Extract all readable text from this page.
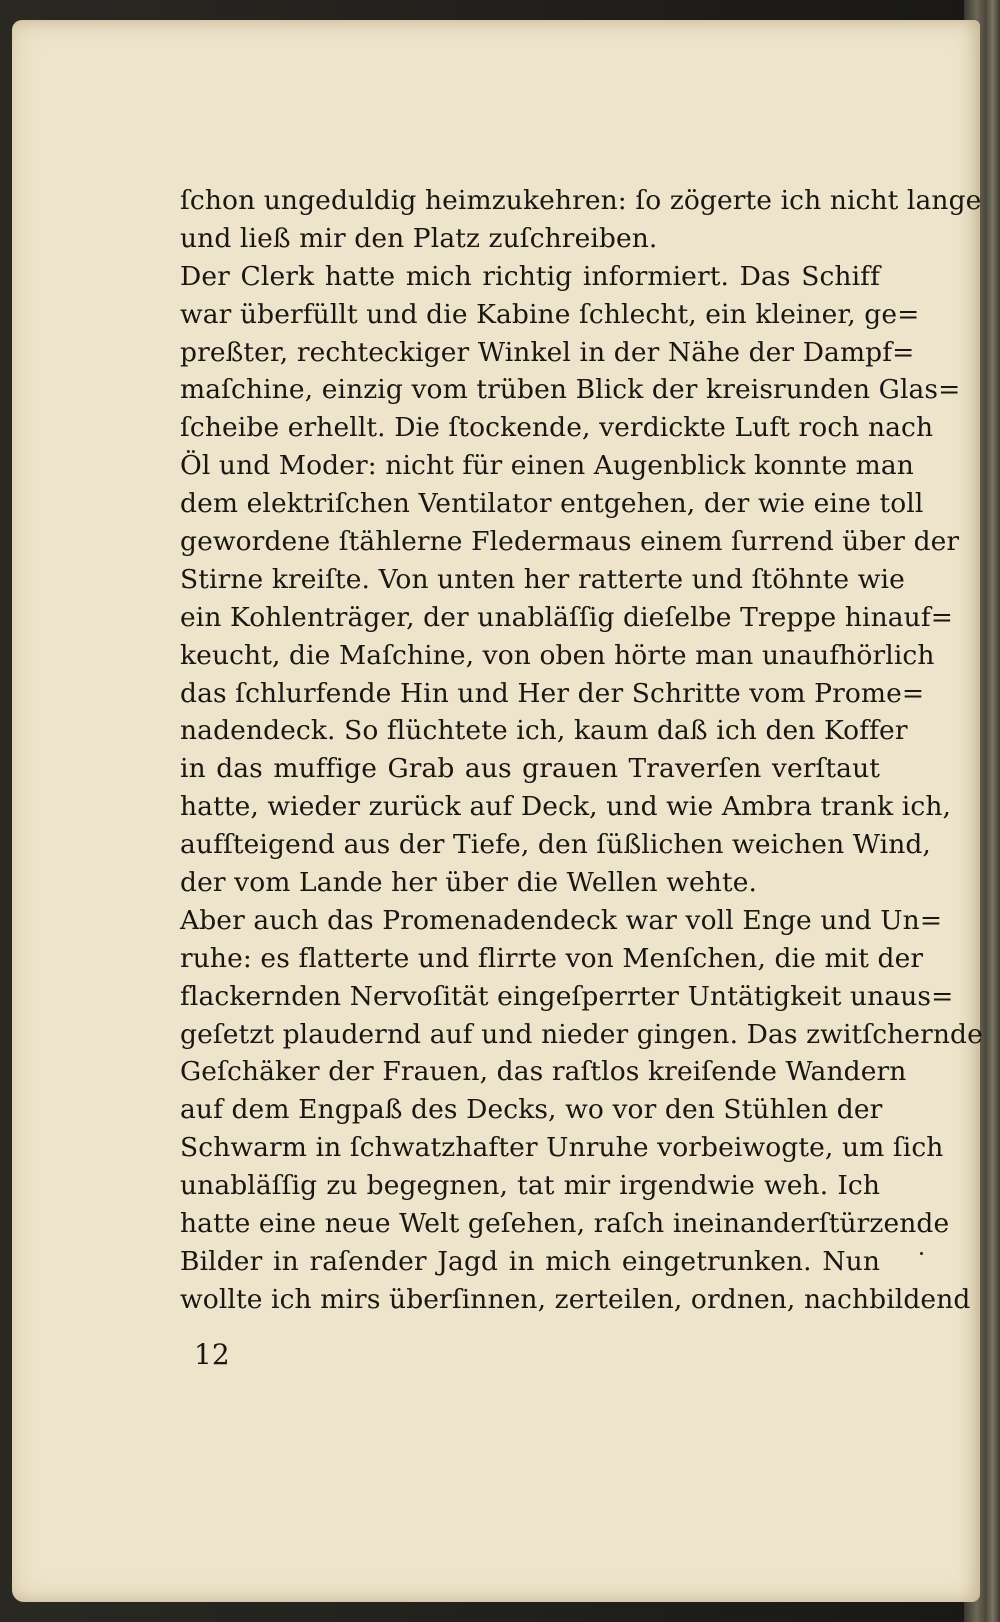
ſchon ungeduldig heimzukehren: ſo zögerte ich nicht lange
und ließ mir den Platz zuſchreiben.
Der Clerk hatte mich richtig informiert. Das Schiff
war überfüllt und die Kabine ſchlecht, ein kleiner, ge=
preßter, rechteckiger Winkel in der Nähe der Dampf=
maſchine, einzig vom trüben Blick der kreisrunden Glas=
ſcheibe erhellt. Die ſtockende, verdickte Luft roch nach
Öl und Moder: nicht für einen Augenblick konnte man
dem elektriſchen Ventilator entgehen, der wie eine toll
gewordene ſtählerne Fledermaus einem ſurrend über der
Stirne kreiſte. Von unten her ratterte und ſtöhnte wie
ein Kohlenträger, der unabläſſig dieſelbe Treppe hinauf=
keucht, die Maſchine, von oben hörte man unaufhörlich
das ſchlurfende Hin und Her der Schritte vom Prome=
nadendeck. So flüchtete ich, kaum daß ich den Koffer
in das muffige Grab aus grauen Traverſen verſtaut
hatte, wieder zurück auf Deck, und wie Ambra trank ich,
aufſteigend aus der Tiefe, den ſüßlichen weichen Wind,
der vom Lande her über die Wellen wehte.
Aber auch das Promenadendeck war voll Enge und Un=
ruhe: es flatterte und flirrte von Menſchen, die mit der
flackernden Nervoſität eingeſperrter Untätigkeit unaus=
geſetzt plaudernd auf und nieder gingen. Das zwitſchernde
Geſchäker der Frauen, das raſtlos kreiſende Wandern
auf dem Engpaß des Decks, wo vor den Stühlen der
Schwarm in ſchwatzhafter Unruhe vorbeiwogte, um ſich
unabläſſig zu begegnen, tat mir irgendwie weh. Ich
hatte eine neue Welt geſehen, raſch ineinanderſtürzende
Bilder in raſender Jagd in mich eingetrunken. Nun
wollte ich mirs überſinnen, zerteilen, ordnen, nachbildend
12
